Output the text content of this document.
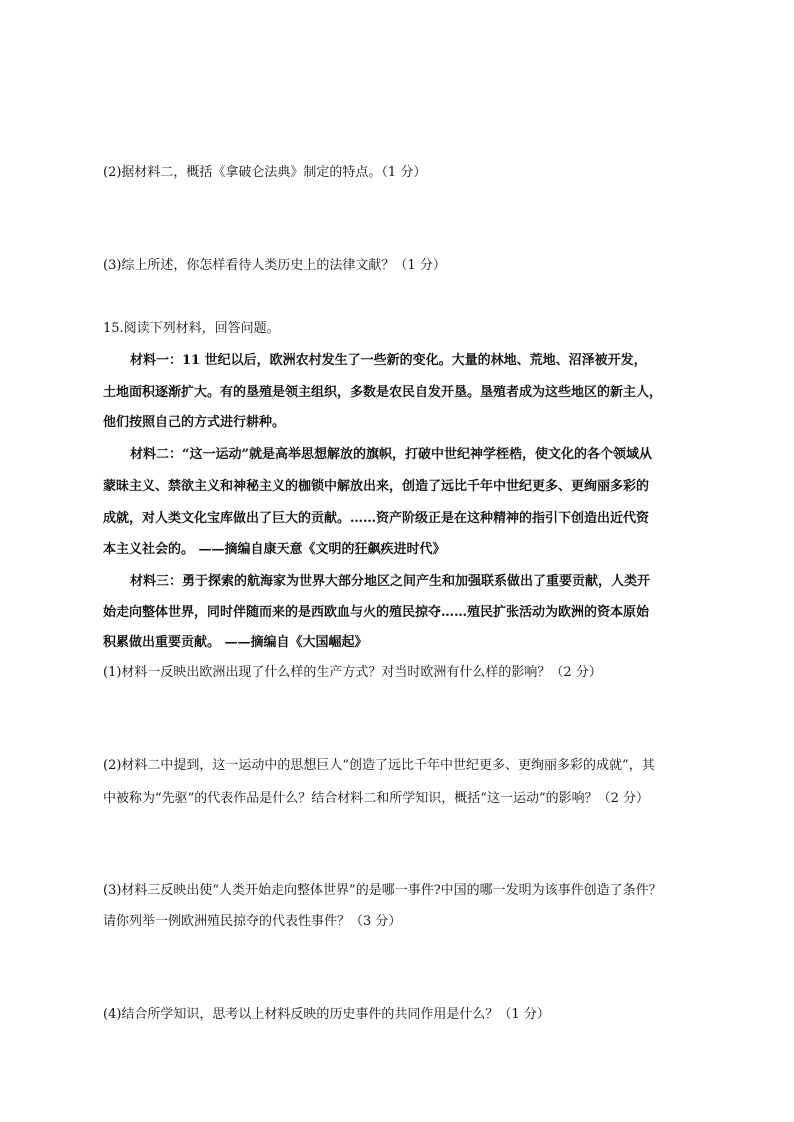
(2)据材料二，概括《拿破仑法典》制定的特点。（1 分）
(3)综上所述，你怎样看待人类历史上的法律文献？（1 分）
15.阅读下列材料，回答问题。
材料一：11 世纪以后，欧洲农村发生了一些新的变化。大量的林地、荒地、沼泽被开发，
土地面积逐渐扩大。有的垦殖是领主组织，多数是农民自发开垦。垦殖者成为这些地区的新主人，
他们按照自己的方式进行耕种。
材料二：“这一运动”就是高举思想解放的旗帜，打破中世纪神学桎梏，使文化的各个领域从
蒙昧主义、禁欲主义和神秘主义的枷锁中解放出来，创造了远比千年中世纪更多、更绚丽多彩的
成就，对人类文化宝库做出了巨大的贡献。……资产阶级正是在这种精神的指引下创造出近代资
本主义社会的。 ——摘编自康天意《文明的狂飙疾进时代》
材料三：勇于探索的航海家为世界大部分地区之间产生和加强联系做出了重要贡献，人类开
始走向整体世界，同时伴随而来的是西欧血与火的殖民掠夺……殖民扩张活动为欧洲的资本原始
积累做出重要贡献。 ——摘编自《大国崛起》
(1)材料一反映出欧洲出现了什么样的生产方式？对当时欧洲有什么样的影响？（2 分）
(2)材料二中提到，这一运动中的思想巨人“创造了远比千年中世纪更多、更绚丽多彩的成就”，其
中被称为“先驱”的代表作品是什么？结合材料二和所学知识，概括“这一运动”的影响？（2 分）
(3)材料三反映出使“人类开始走向整体世界”的是哪一事件?中国的哪一发明为该事件创造了条件？
请你列举一例欧洲殖民掠夺的代表性事件？（3 分）
(4)结合所学知识，思考以上材料反映的历史事件的共同作用是什么？（1 分）
